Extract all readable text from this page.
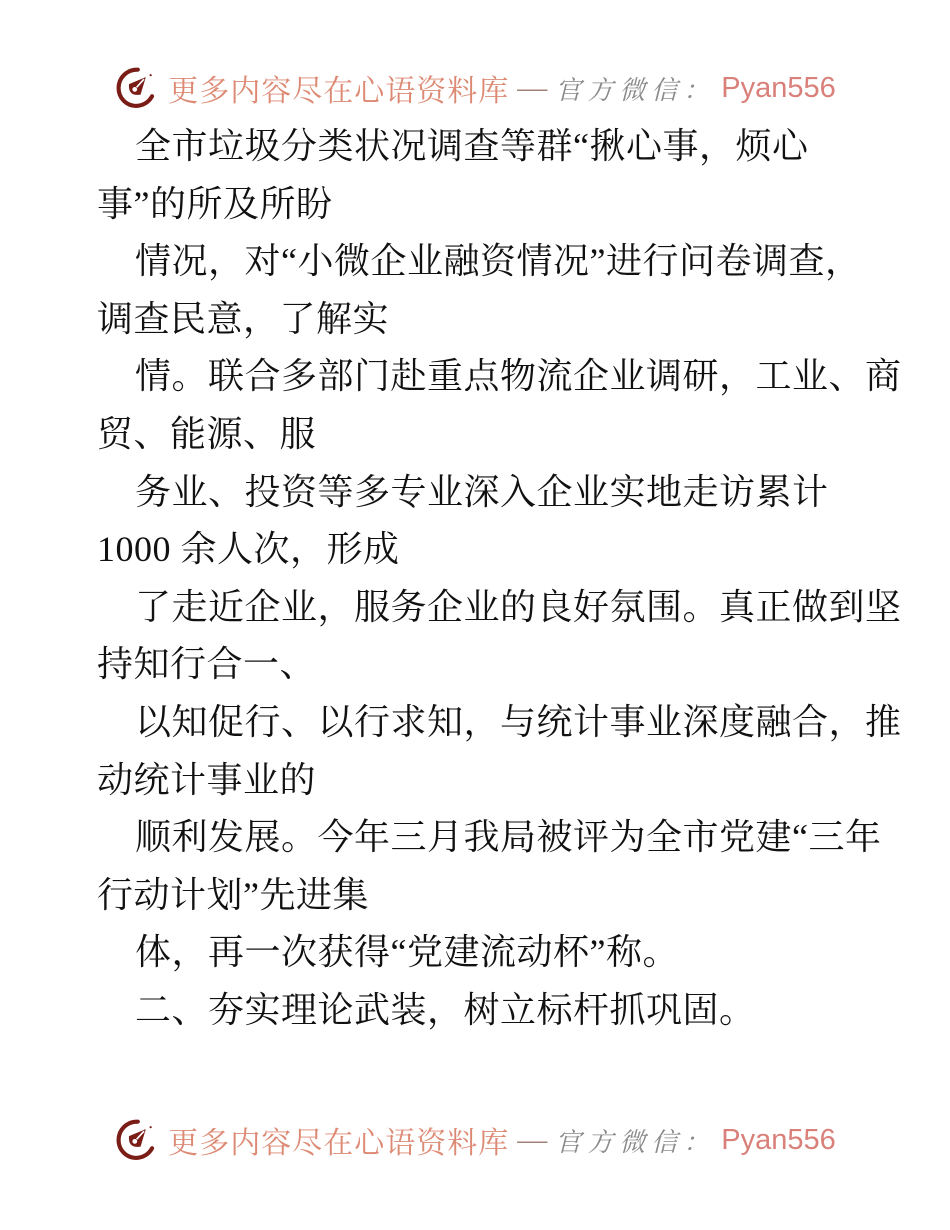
更多内容尽在心语资料库 — 官方微信： Pyan556

全市垃圾分类状况调查等群“揪心事，烦心

事”的所及所盼

情况，对“小微企业融资情况”进行问卷调查，

调查民意，了解实

情。联合多部门赴重点物流企业调研，工业、商

贸、能源、服

务业、投资等多专业深入企业实地走访累计

1000 余人次，形成

了走近企业，服务企业的良好氛围。真正做到坚

持知行合一、

以知促行、以行求知，与统计事业深度融合，推

动统计事业的

顺利发展。今年三月我局被评为全市党建“三年

行动计划”先进集

体，再一次获得“党建流动杯”称。

二、夯实理论武装，树立标杆抓巩固。

更多内容尽在心语资料库 — 官方微信： Pyan556
